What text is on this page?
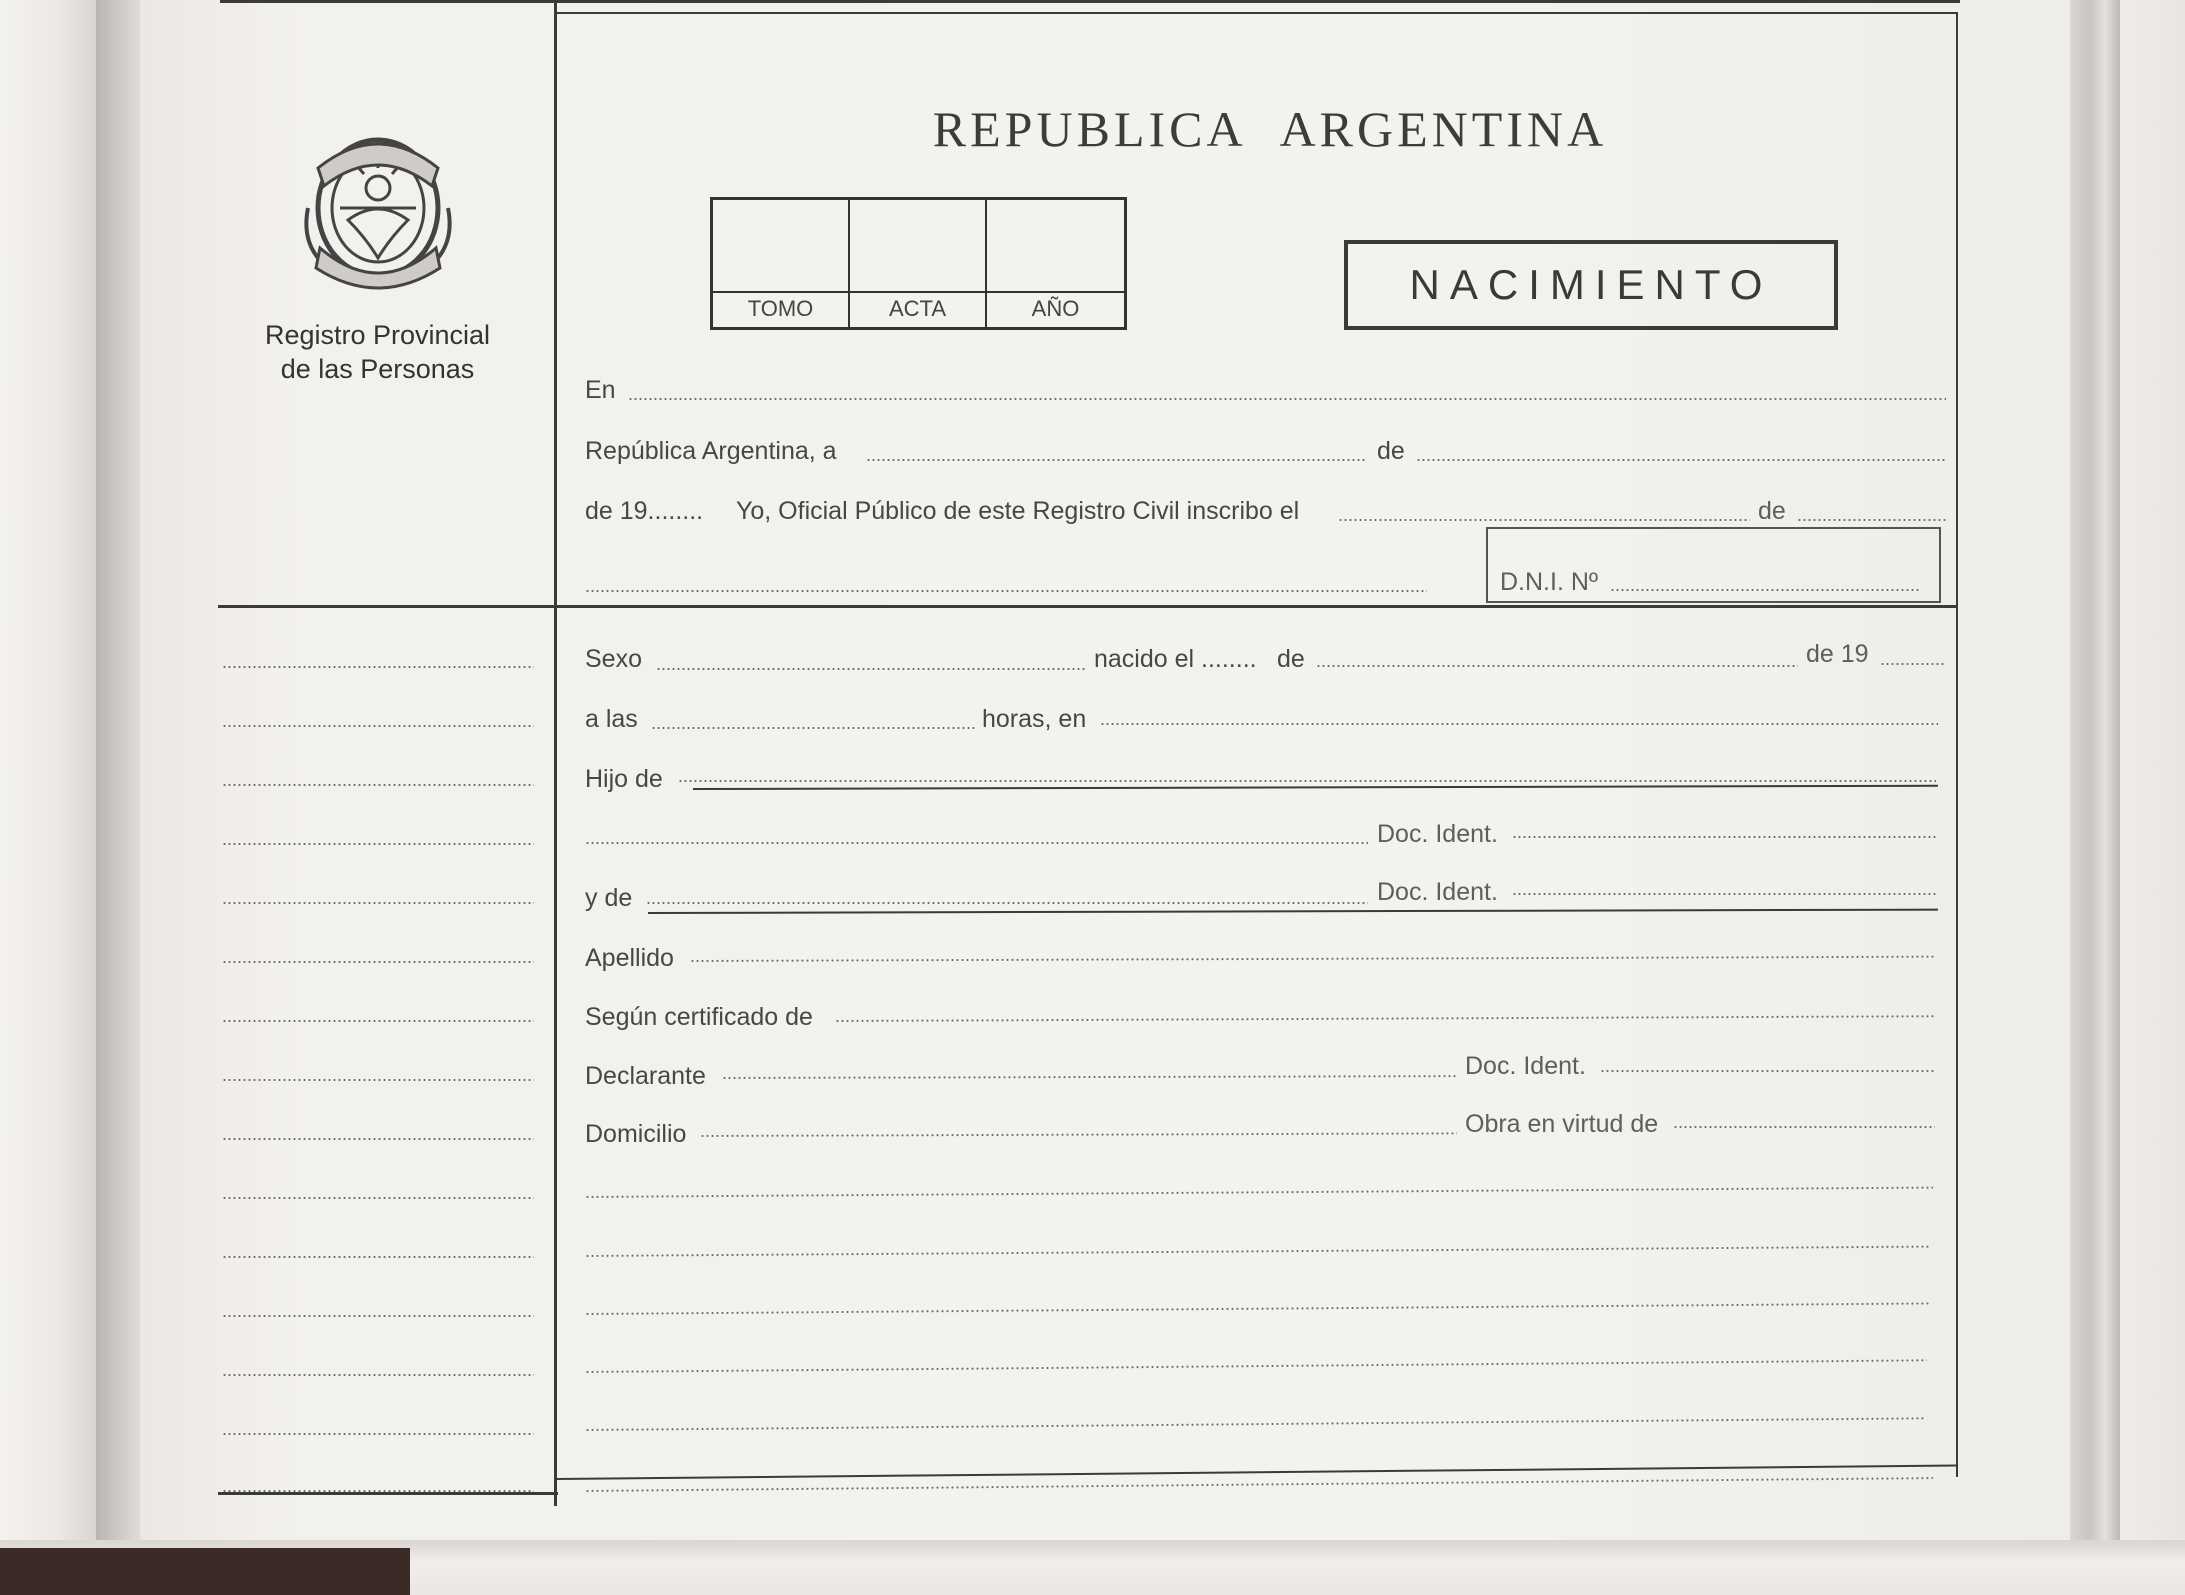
REPUBLICA ARGENTINA
Registro Provincial
de las Personas
TOMO	ACTA	AÑO
NACIMIENTO
En
República Argentina, a	de
de 19........ Yo, Oficial Público de este Registro Civil inscribo el	de
D.N.I. Nº
Sexo	nacido el ........ de	de 19
a las	horas, en
Hijo de
Doc. Ident.
y de	Doc. Ident.
Apellido
Según certificado de
Declarante	Doc. Ident.
Domicilio	Obra en virtud de
